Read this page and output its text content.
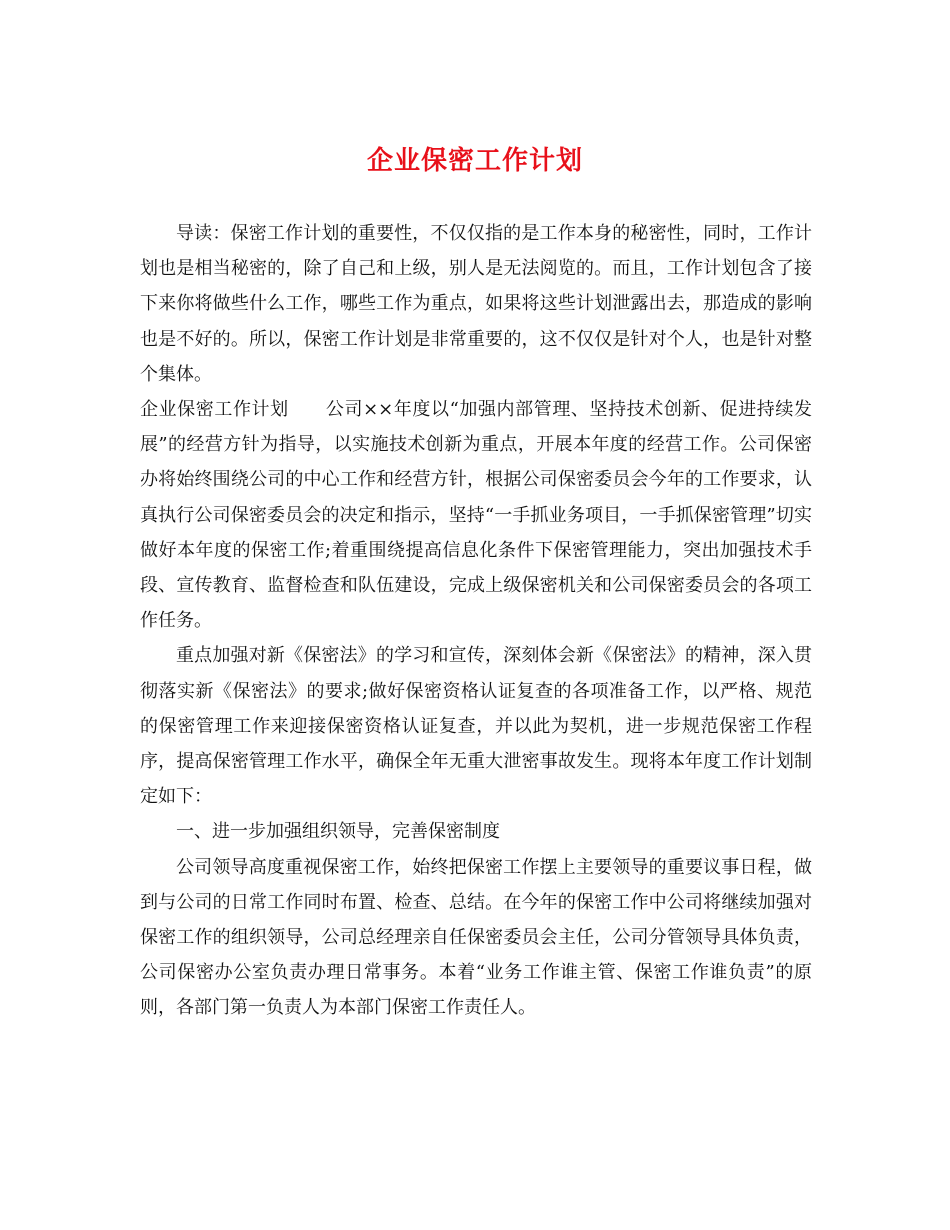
企业保密工作计划

导读：保密工作计划的重要性，不仅仅指的是工作本身的秘密性，同时，工作计划也是相当秘密的，除了自己和上级，别人是无法阅览的。而且，工作计划包含了接下来你将做些什么工作，哪些工作为重点，如果将这些计划泄露出去，那造成的影响也是不好的。所以，保密工作计划是非常重要的，这不仅仅是针对个人，也是针对整个集体。

企业保密工作计划　　公司××年度以“加强内部管理、坚持技术创新、促进持续发展”的经营方针为指导，以实施技术创新为重点，开展本年度的经营工作。公司保密办将始终围绕公司的中心工作和经营方针，根据公司保密委员会今年的工作要求，认真执行公司保密委员会的决定和指示，坚持“一手抓业务项目，一手抓保密管理”切实做好本年度的保密工作;着重围绕提高信息化条件下保密管理能力，突出加强技术手段、宣传教育、监督检查和队伍建设，完成上级保密机关和公司保密委员会的各项工作任务。

重点加强对新《保密法》的学习和宣传，深刻体会新《保密法》的精神，深入贯彻落实新《保密法》的要求;做好保密资格认证复查的各项准备工作，以严格、规范的保密管理工作来迎接保密资格认证复查，并以此为契机，进一步规范保密工作程序，提高保密管理工作水平，确保全年无重大泄密事故发生。现将本年度工作计划制定如下：

一、进一步加强组织领导，完善保密制度

公司领导高度重视保密工作，始终把保密工作摆上主要领导的重要议事日程，做到与公司的日常工作同时布置、检查、总结。在今年的保密工作中公司将继续加强对保密工作的组织领导，公司总经理亲自任保密委员会主任，公司分管领导具体负责，公司保密办公室负责办理日常事务。本着“业务工作谁主管、保密工作谁负责”的原则，各部门第一负责人为本部门保密工作责任人。
